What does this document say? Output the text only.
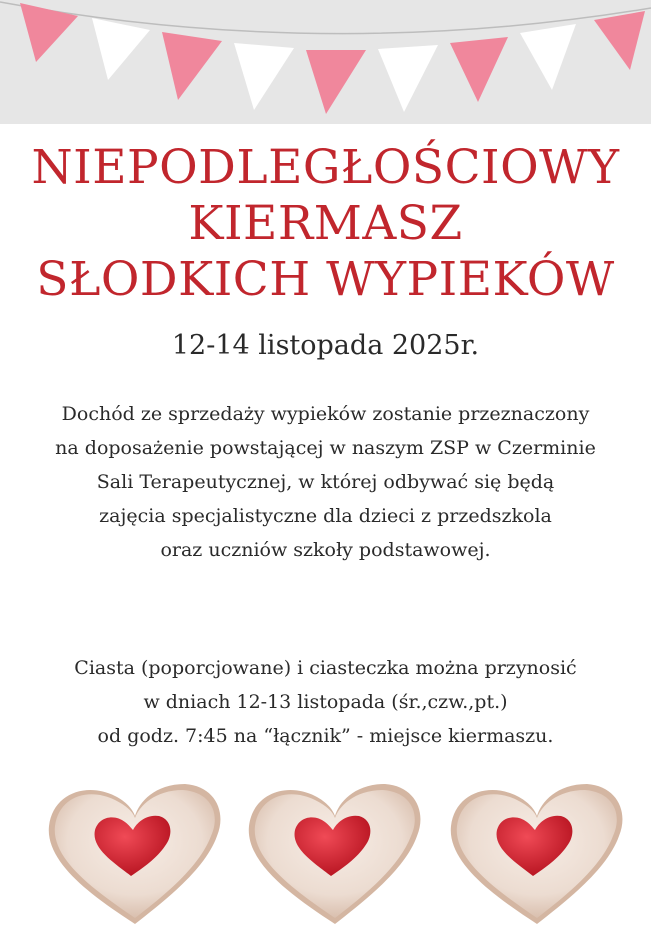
NIEPODLEGŁOŚCIOWY
KIERMASZ
SŁODKICH WYPIEKÓW
12-14 listopada 2025r.
Dochód ze sprzedaży wypieków zostanie przeznaczony
na doposażenie powstającej w naszym ZSP w Czerminie
Sali Terapeutycznej, w której odbywać się będą
zajęcia specjalistyczne dla dzieci z przedszkola
oraz uczniów szkoły podstawowej.
Ciasta (poporcjowane) i ciasteczka można przynosić
w dniach 12-13 listopada (śr.,czw.,pt.)
od godz. 7:45 na “łącznik” - miejsce kiermaszu.
